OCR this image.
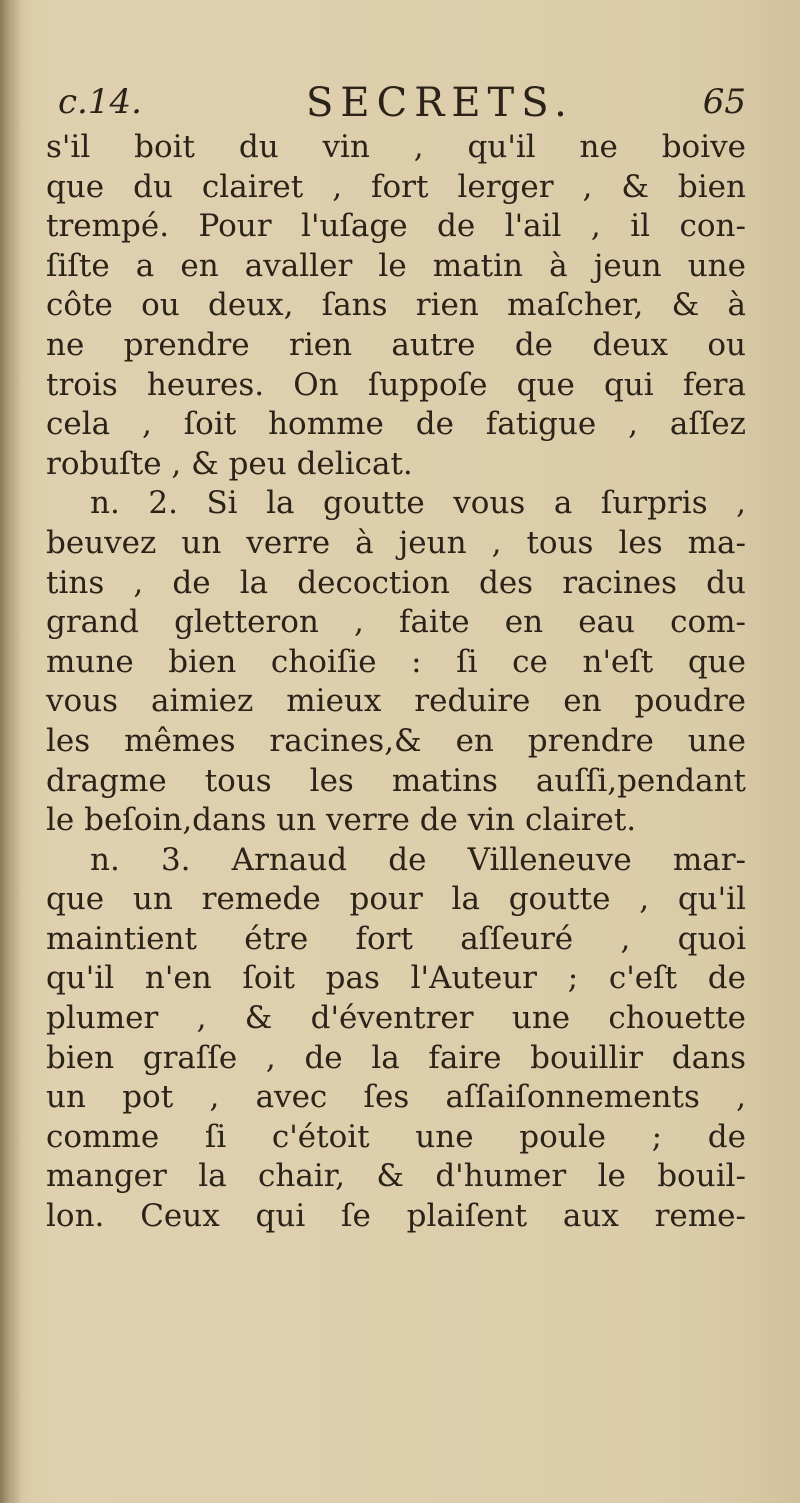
c.14.	SECRETS.	65
s'il boit du vin , qu'il ne boive
que du clairet , fort lerger , & bien
trempé. Pour l'uſage de l'ail , il con-
ſiſte a en avaller le matin à jeun une
côte ou deux, ſans rien maſcher, & à
ne prendre rien autre de deux ou
trois heures. On ſuppoſe que qui fera
cela , ſoit homme de fatigue , aſſez
robuſte , & peu delicat.
n. 2. Si la goutte vous a ſurpris ,
beuvez un verre à jeun , tous les ma-
tins , de la decoction des racines du
grand gletteron , faite en eau com-
mune bien choiſie : ſi ce n'eſt que
vous aimiez mieux reduire en poudre
les mêmes racines,& en prendre une
dragme tous les matins auſſi,pendant
le beſoin,dans un verre de vin clairet.
n. 3. Arnaud de Villeneuve mar-
que un remede pour la goutte , qu'il
maintient étre fort aſſeuré , quoi
qu'il n'en ſoit pas l'Auteur ; c'eſt de
plumer , & d'éventrer une chouette
bien graſſe , de la faire bouillir dans
un pot , avec ſes aſſaiſonnements ,
comme ſi c'étoit une poule ; de
manger la chair, & d'humer le bouil-
lon. Ceux qui ſe plaiſent aux reme-
